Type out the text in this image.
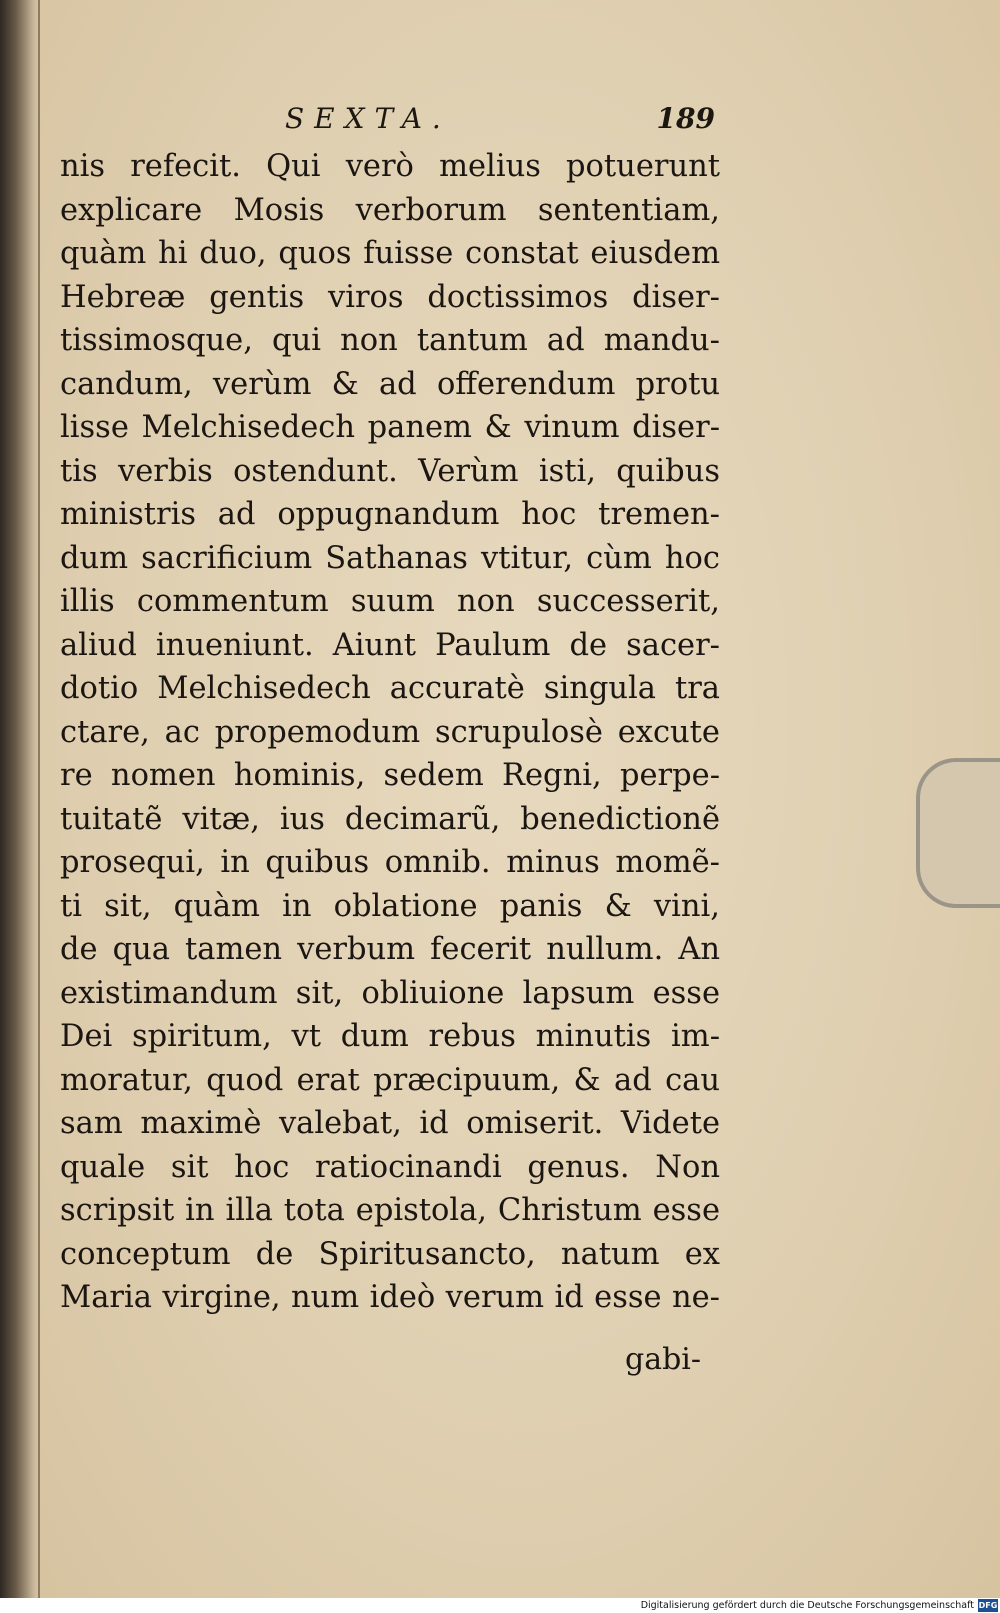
SEXTA.	189
nis refecit. Qui verò melius potuerunt
explicare Mosis verborum sententiam,
quàm hi duo, quos fuisse constat eiusdem
Hebreæ gentis viros doctissimos diser-
tissimosque, qui non tantum ad mandu-
candum, verùm & ad offerendum protu
lisse Melchisedech panem & vinum diser-
tis verbis ostendunt. Verùm isti, quibus
ministris ad oppugnandum hoc tremen-
dum sacrificium Sathanas vtitur, cùm hoc
illis commentum suum non successerit,
aliud inueniunt. Aiunt Paulum de sacer-
dotio Melchisedech accuratè singula tra
ctare, ac propemodum scrupulosè excute
re nomen hominis, sedem Regni, perpe-
tuitatẽ vitæ, ius decimarũ, benedictionẽ
prosequi, in quibus omnib. minus momẽ-
ti sit, quàm in oblatione panis & vini,
de qua tamen verbum fecerit nullum. An
existimandum sit, obliuione lapsum esse
Dei spiritum, vt dum rebus minutis im-
moratur, quod erat præcipuum, & ad cau
sam maximè valebat, id omiserit. Videte
quale sit hoc ratiocinandi genus. Non
scripsit in illa tota epistola, Christum esse
conceptum de Spiritusancto, natum ex
Maria virgine, num ideò verum id esse ne-
gabi-
Digitalisierung gefördert durch die Deutsche Forschungsgemeinschaft DFG
